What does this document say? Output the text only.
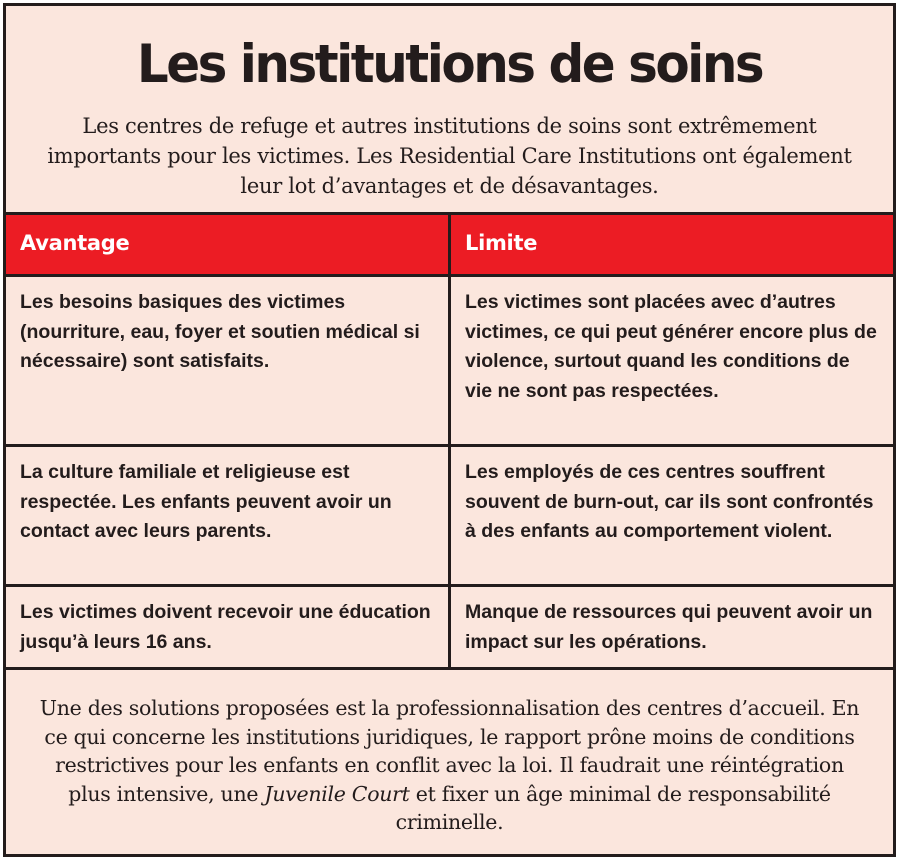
Les institutions de soins
Les centres de refuge et autres institutions de soins sont extrêmement importants pour les victimes. Les Residential Care Institutions ont également leur lot d’avantages et de désavantages.
Avantage	Limite
Les besoins basiques des victimes (nourriture, eau, foyer et soutien médical si nécessaire) sont satisfaits.
Les victimes sont placées avec d’autres victimes, ce qui peut générer encore plus de violence, surtout quand les conditions de vie ne sont pas respectées.
La culture familiale et religieuse est respectée. Les enfants peuvent avoir un contact avec leurs parents.
Les employés de ces centres souffrent souvent de burn-out, car ils sont confrontés à des enfants au comportement violent.
Les victimes doivent recevoir une éducation jusqu’à leurs 16 ans.
Manque de ressources qui peuvent avoir un impact sur les opérations.
Une des solutions proposées est la professionnalisation des centres d’accueil. En ce qui concerne les institutions juridiques, le rapport prône moins de conditions restrictives pour les enfants en conflit avec la loi. Il faudrait une réintégration plus intensive, une Juvenile Court et fixer un âge minimal de responsabilité criminelle.
